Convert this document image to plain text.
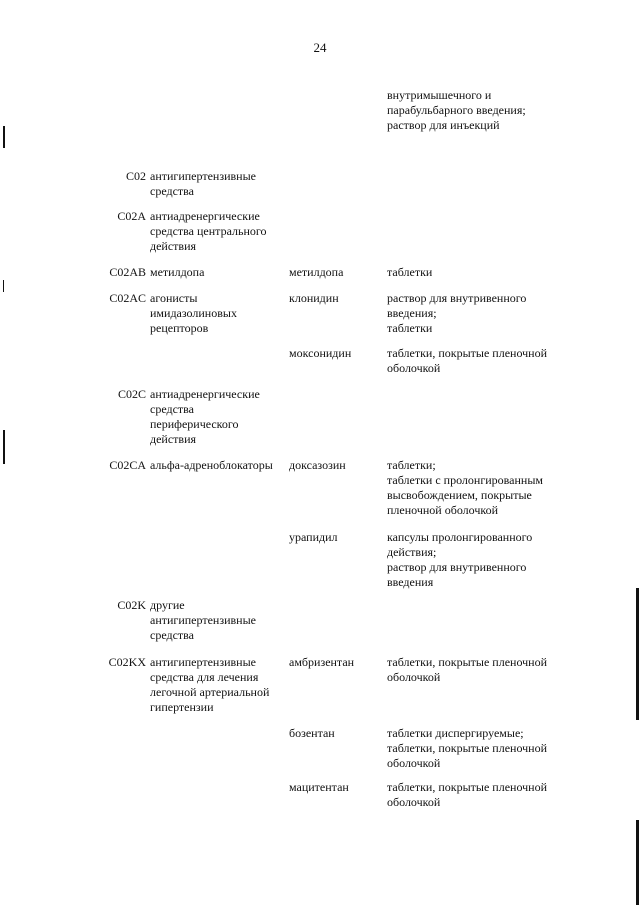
24
внутримышечного и
парабульбарного введения;
раствор для инъекций
C02 антигипертензивные
средства
C02A антиадренергические
средства центрального
действия
C02AB метилдопа	метилдопа	таблетки
C02AC агонисты
имидазолиновых
рецепторов
клонидин	раствор для внутривенного
введения;
таблетки
моксонидин	таблетки, покрытые пленочной
оболочкой
C02C антиадренергические
средства
периферического
действия
C02CA альфа-адреноблокаторы	доксазозин	таблетки;
таблетки с пролонгированным
высвобождением, покрытые
пленочной оболочкой
урапидил	капсулы пролонгированного
действия;
раствор для внутривенного
введения
C02K другие
антигипертензивные
средства
C02KX антигипертензивные
средства для лечения
легочной артериальной
гипертензии
амбризентан	таблетки, покрытые пленочной
оболочкой
бозентан	таблетки диспергируемые;
таблетки, покрытые пленочной
оболочкой
мацитентан	таблетки, покрытые пленочной
оболочкой
